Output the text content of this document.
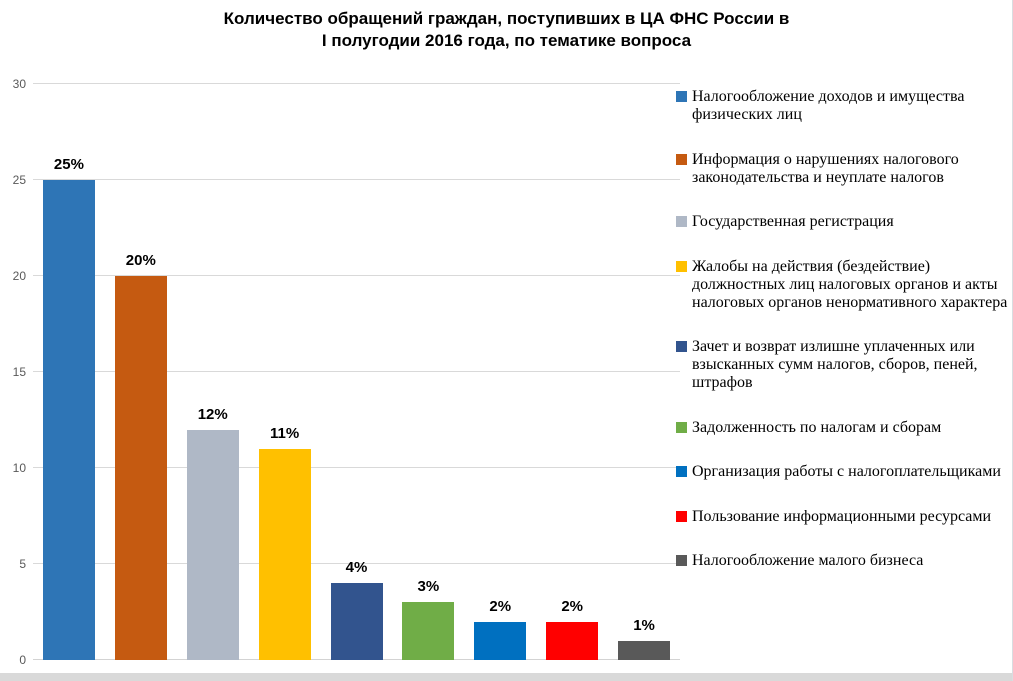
Количество обращений граждан, поступивших в ЦА ФНС России в
I полугодии 2016 года, по тематике вопроса
0
5
10
15
20
25
30
25%
20%
12%
11%
4%
3%
2%	2%
1%
Налогообложение доходов и имущества физических лиц
Информация о нарушениях налогового законодательства и неуплате налогов
Государственная регистрация
Жалобы на действия (бездействие) должностных лиц налоговых органов и акты налоговых органов ненормативного характера
Зачет и возврат излишне уплаченных или взысканных сумм налогов, сборов, пеней, штрафов
Задолженность по налогам и сборам
Организация работы с налогоплательщиками
Пользование информационными ресурсами
Налогообложение малого бизнеса
